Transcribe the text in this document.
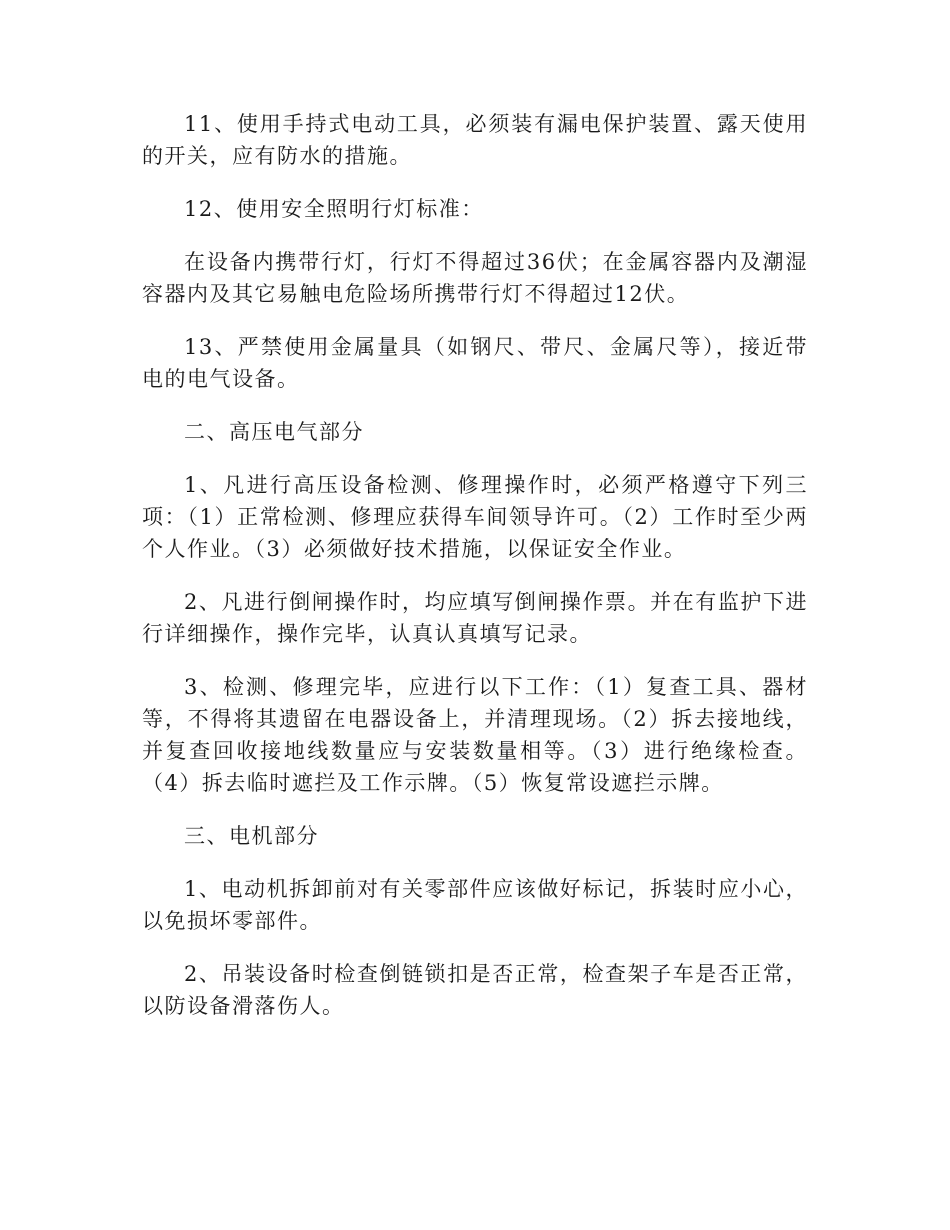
11、使用手持式电动工具，必须装有漏电保护装置、露天使用的开关，应有防水的措施。

12、使用安全照明行灯标准：

在设备内携带行灯，行灯不得超过36伏；在金属容器内及潮湿容器内及其它易触电危险场所携带行灯不得超过12伏。

13、严禁使用金属量具（如钢尺、带尺、金属尺等），接近带电的电气设备。

二、高压电气部分

1、凡进行高压设备检测、修理操作时，必须严格遵守下列三项：（1）正常检测、修理应获得车间领导许可。（2）工作时至少两个人作业。（3）必须做好技术措施，以保证安全作业。

2、凡进行倒闸操作时，均应填写倒闸操作票。并在有监护下进行详细操作，操作完毕，认真认真填写记录。

3、检测、修理完毕，应进行以下工作：（1）复查工具、器材等，不得将其遗留在电器设备上，并清理现场。（2）拆去接地线，并复查回收接地线数量应与安装数量相等。（3）进行绝缘检查。（4）拆去临时遮拦及工作示牌。（5）恢复常设遮拦示牌。

三、电机部分

1、电动机拆卸前对有关零部件应该做好标记，拆装时应小心，以免损坏零部件。

2、吊装设备时检查倒链锁扣是否正常，检查架子车是否正常，以防设备滑落伤人。
